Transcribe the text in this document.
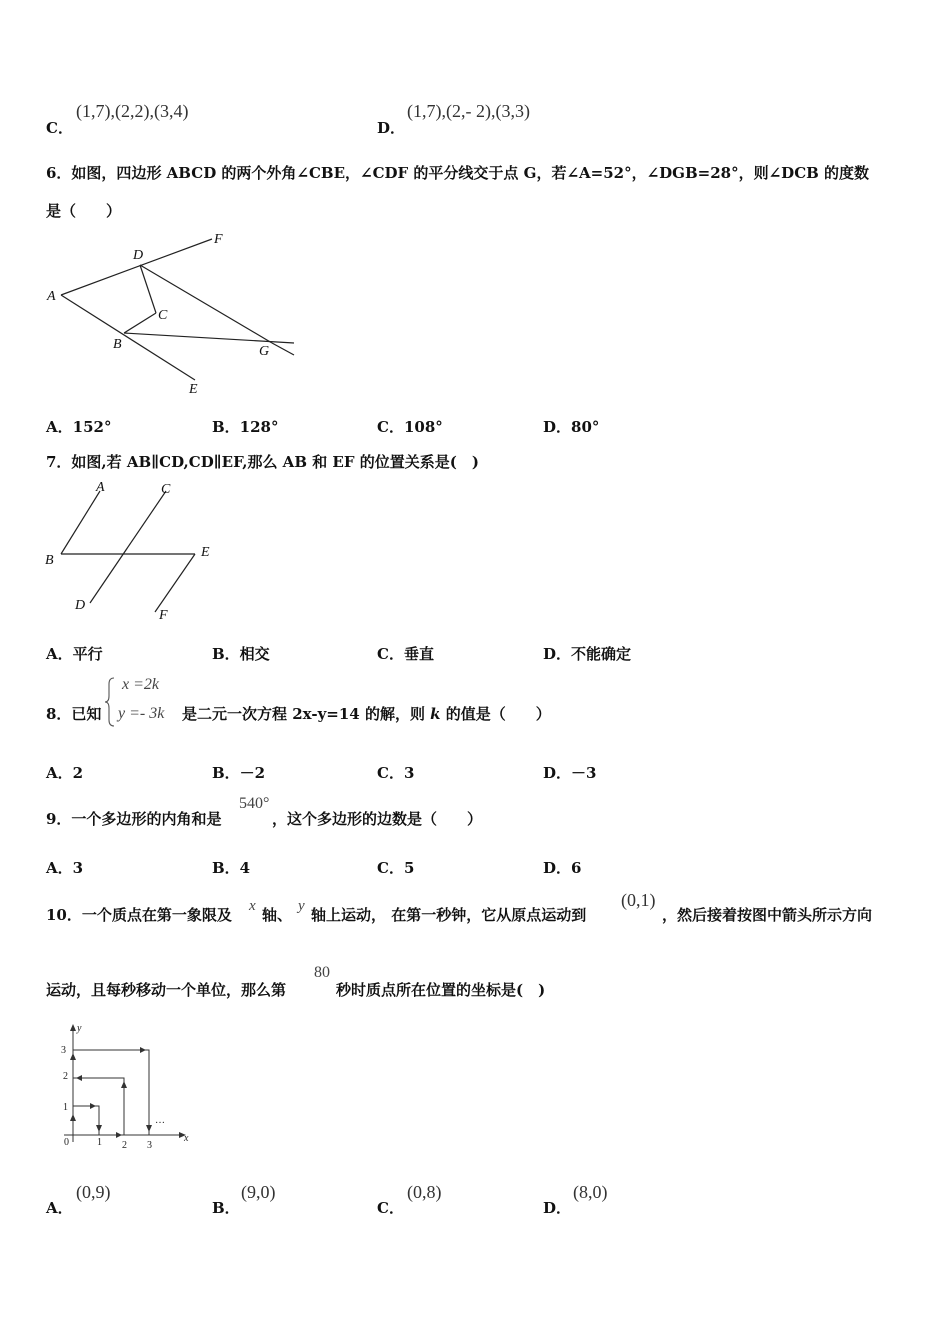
C．
(1,7),(2,2),(3,4)
D．
(1,7),(2,- 2),(3,3)
6．如图，四边形 ABCD 的两个外角∠CBE，∠CDF 的平分线交于点 G，若∠A=52°，∠DGB=28°，则∠DCB 的度数
是（　　）
A
D
F
C
B	G
E
A．152°	B．128°	C．108°	D．80°
7．如图,若 AB∥CD,CD∥EF,那么 AB 和 EF 的位置关系是(　)
A	C
B
E
D
F
A．平行	B．相交	C．垂直	D．不能确定
8．已知
x =2k
y =- 3k 是二元一次方程 2x-y=14 的解，则 k 的值是（　　）
A．2	B．－2	C．3	D．－3
9．一个多边形的内角和是
540°
，这个多边形的边数是（　　）
A．3	B．4	C．5	D．6
10．一个质点在第一象限及 x 轴、 y 轴上运动， 在第一秒钟，它从原点运动到
(0,1)
，然后接着按图中箭头所示方向
运动，且每秒移动一个单位，那么第
80
秒时质点所在位置的坐标是(　)
y
x
0	1 2 3
1
2
3
…
A．
(0,9)
B．
(9,0)
C．
(0,8)
D．
(8,0)
